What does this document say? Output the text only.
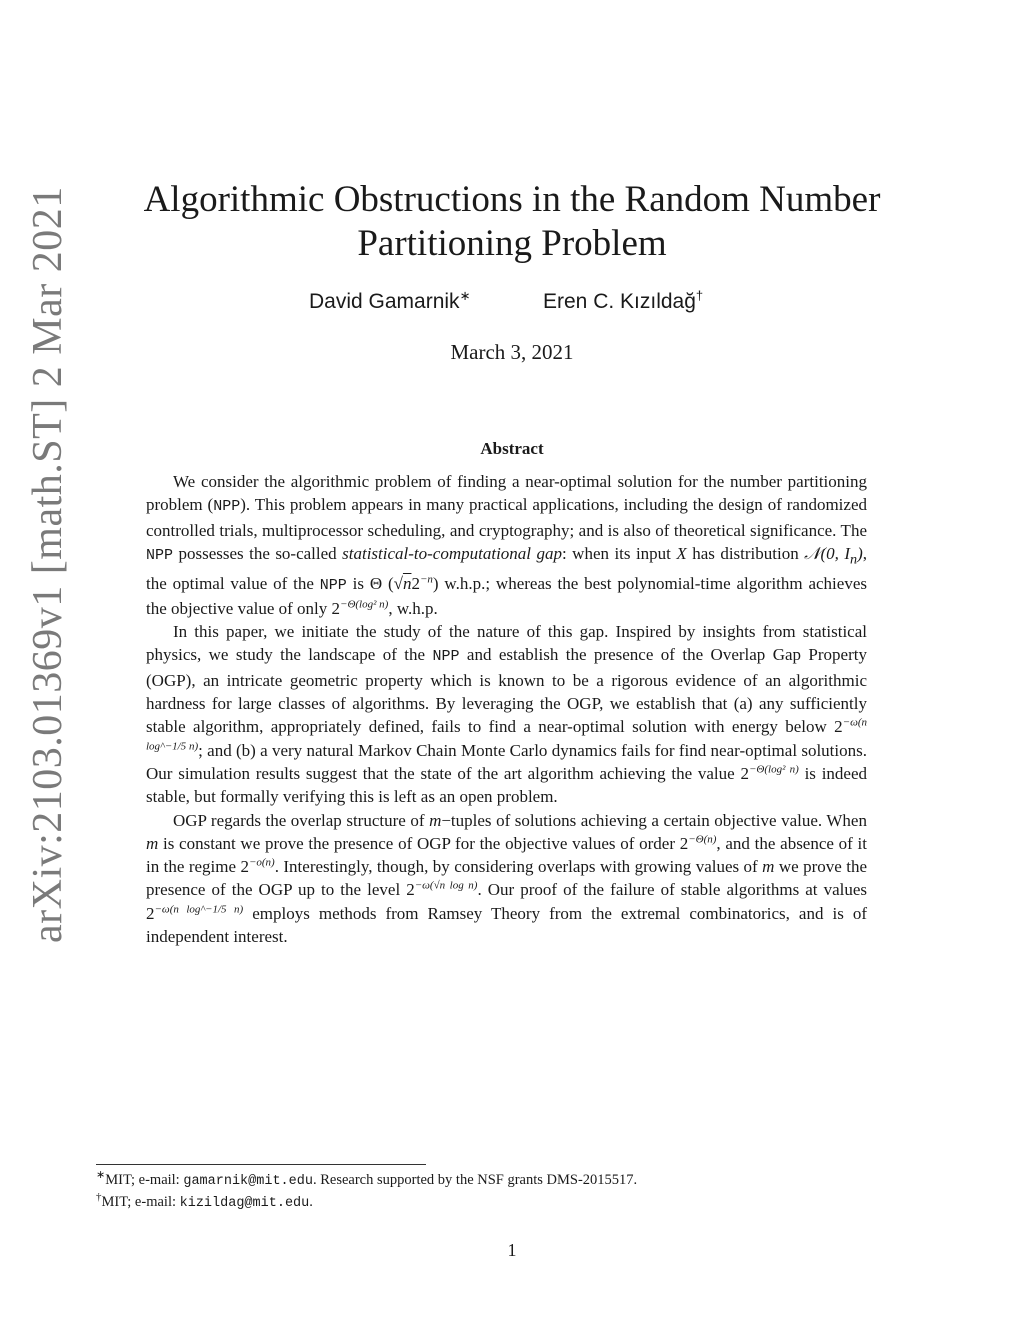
arXiv:2103.01369v1 [math.ST] 2 Mar 2021	Algorithmic Obstructions in the Random Number Partitioning Problem
David Gamarnik∗	Eren C. Kızıldağ†
March 3, 2021
Abstract

We consider the algorithmic problem of finding a near-optimal solution for the number partitioning problem (NPP). This problem appears in many practical applications, including the design of randomized controlled trials, multiprocessor scheduling, and cryptography; and is also of theoretical significance. The NPP possesses the so-called statistical-to-computational gap: when its input X has distribution 𝒩(0, $I_n$), the optimal value of the NPP is Θ $(√n2^{-n})$ w.h.p.; whereas the best polynomial-time algorithm achieves the objective value of only $2^{-\Theta(log^2 n)}$, w.h.p.

In this paper, we initiate the study of the nature of this gap. Inspired by insights from statistical physics, we study the landscape of the NPP and establish the presence of the Overlap Gap Property (OGP), an intricate geometric property which is known to be a rigorous evidence of an algorithmic hardness for large classes of algorithms. By leveraging the OGP, we establish that (a) any sufficiently stable algorithm, appropriately defined, fails to find a near-optimal solution with energy below $2^{-\omega(n log\^{}-1/5 n)}$; and (b) a very natural Markov Chain Monte Carlo dynamics fails for find near-optimal solutions. Our simulation results suggest that the state of the art algorithm achieving the value $2^{-\Theta(log^2 n)}$ is indeed stable, but formally verifying this is left as an open problem.

OGP regards the overlap structure of m−tuples of solutions achieving a certain objective value. When m is constant we prove the presence of OGP for the objective values of order $2^{-\Theta(n)}$, and the absence of it in the regime $2^{-o(n)}$. Interestingly, though, by considering overlaps with growing values of m we prove the presence of the OGP up to the level $2^{-\omega(√n log n)}$. Our proof of the failure of stable algorithms at values $2^{-\omega(n log\^{}-1/5 n)}$ employs methods from Ramsey Theory from the extremal combinatorics, and is of independent interest.

∗MIT; e-mail: gamarnik@mit.edu. Research supported by the NSF grants DMS-2015517.
†MIT; e-mail: kizildag@mit.edu.
1
